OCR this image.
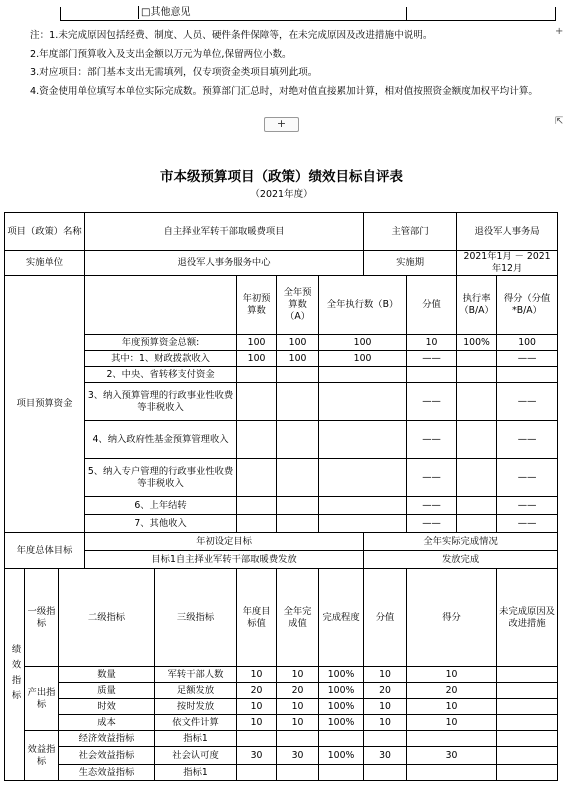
□其他意见
+
⇱

注：1.未完成原因包括经费、制度、人员、硬件条件保障等，在未完成原因及改进措施中说明。

2.年度部门预算收入及支出金额以万元为单位,保留两位小数。

3.对应项目：部门基本支出无需填列，仅专项资金类项目填列此项。

4.资金使用单位填写本单位实际完成数。预算部门汇总时，对绝对值直接累加计算，相对值按照资金额度加权平均计算。

+
市本级预算项目（政策）绩效目标自评表
（2021年度）
项目（政策）名称			自主择业军转干部取暖费项目					主管部门		退役军人事务局	
实施单位			退役军人事务服务中心					实施期		2021年1月 － 2021年12月	
项目预算资金					年初预算数	全年预算数（A）	全年执行数（B）		分值	执行率（B/A）	得分（分值*B/A）
			年度预算资金总额:		100	100	100		10	100%	100
			其中：1、财政拨款收入		100	100	100		——		——
			2、中央、省转移支付资金								
			3、纳入预算管理的行政事业性收费等非税收入						——		——
			4、纳入政府性基金预算管理收入						——		——
			5、纳入专户管理的行政事业性收费等非税收入						——		——
			6、上年结转						——		——
			7、其他收入						——		——
年度总体目标			年初设定目标					全年实际完成情况			
			目标1自主择业军转干部取暖费发放					发放完成			
绩效指标	一级指标	二级指标		三级指标	年度目标值	全年完成值	完成程度	分值	得分		未完成原因及改进措施
	产出指标	数量		军转干部人数	10	10	100%	10	10		
		质量		足额发放	20	20	100%	20	20		
		时效		按时发放	10	10	100%	10	10		
		成本		依文件计算	10	10	100%	10	10		
	效益指标	经济效益指标		指标1							
		社会效益指标		社会认可度	30	30	100%	30	30		
		生态效益指标		指标1							
